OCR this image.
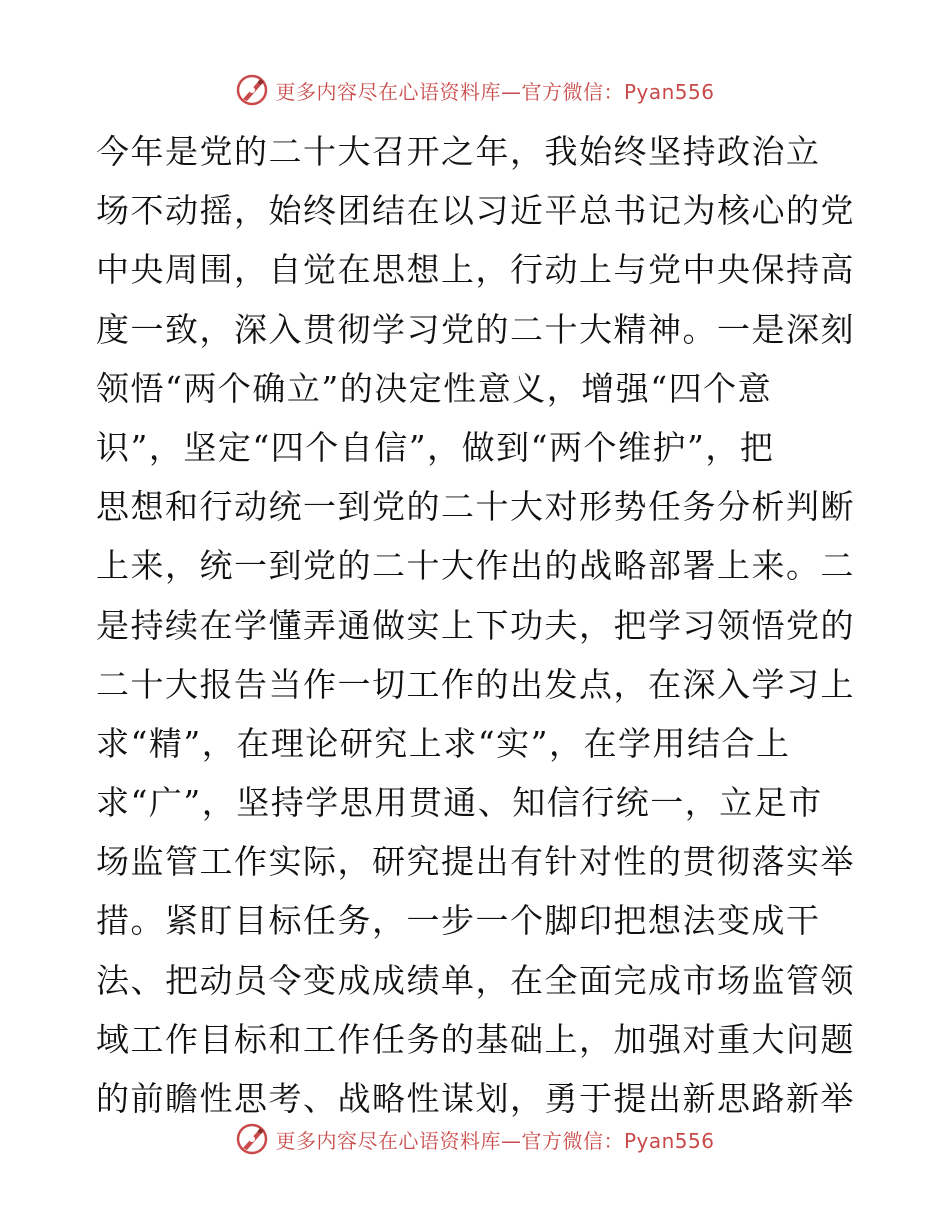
更多内容尽在心语资料库—官方微信：Pyan556
今年是党的二十大召开之年，我始终坚持政治立
场不动摇，始终团结在以习近平总书记为核心的党
中央周围，自觉在思想上，行动上与党中央保持高
度一致，深入贯彻学习党的二十大精神。一是深刻
领悟“两个确立”的决定性意义，增强“四个意
识”，坚定“四个自信”，做到“两个维护”，把
思想和行动统一到党的二十大对形势任务分析判断
上来，统一到党的二十大作出的战略部署上来。二
是持续在学懂弄通做实上下功夫，把学习领悟党的
二十大报告当作一切工作的出发点，在深入学习上
求“精”，在理论研究上求“实”，在学用结合上
求“广”，坚持学思用贯通、知信行统一，立足市
场监管工作实际，研究提出有针对性的贯彻落实举
措。紧盯目标任务，一步一个脚印把想法变成干
法、把动员令变成成绩单，在全面完成市场监管领
域工作目标和工作任务的基础上，加强对重大问题
的前瞻性思考、战略性谋划，勇于提出新思路新举
更多内容尽在心语资料库—官方微信：Pyan556
